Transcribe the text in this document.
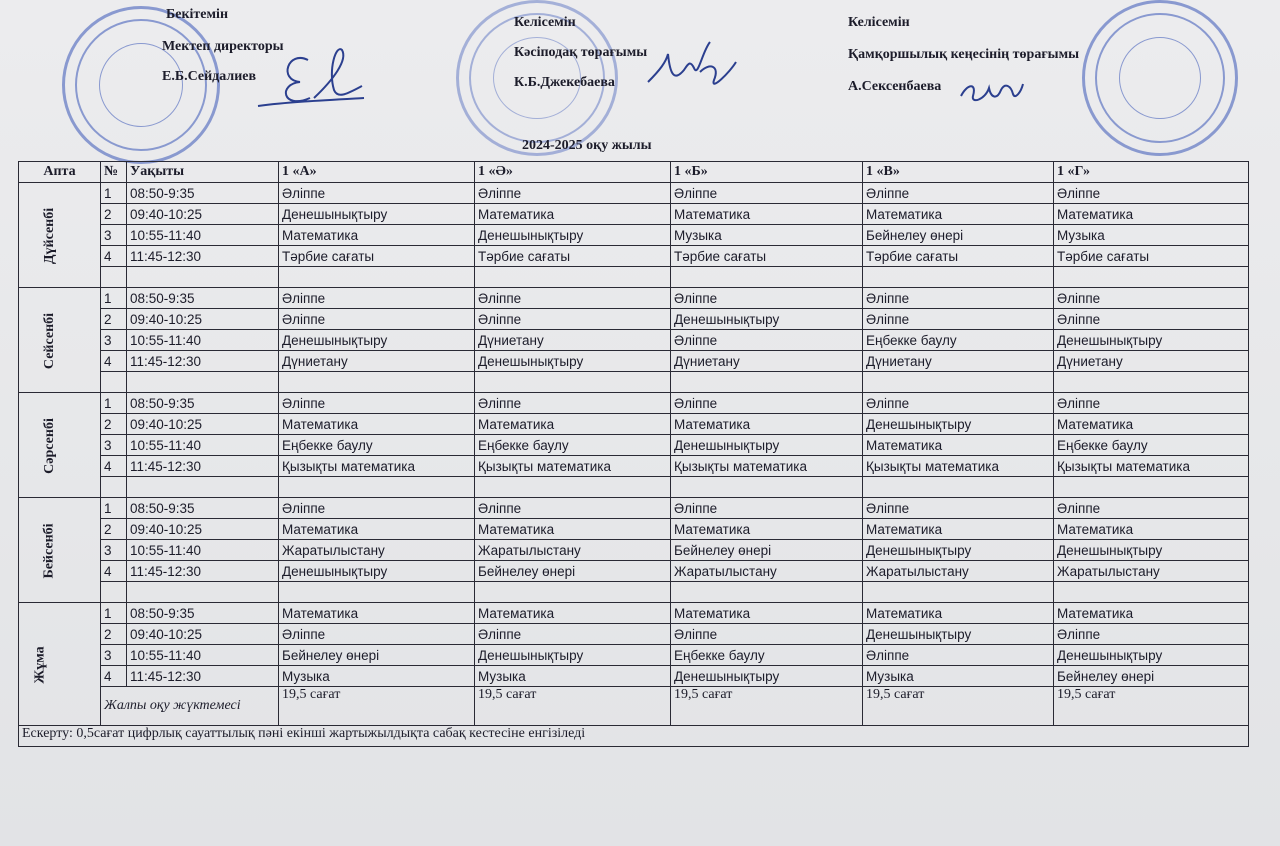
Бекітемін
Мектеп директоры
Е.Б.Сейдалиев
Келісемін
Кәсіподақ төрағымы
К.Б.Джекебаева
Келісемін
Қамқоршылық кеңесінің төрағымы
А.Сексенбаева
2024-2025 оқу жылы
Апта	№	Уақыты	1 «А»	1 «Ә»	1 «Б»	1 «В»	1 «Г»
Дүйсенбі	1	08:50-9:35	Әліппе	Әліппе	Әліппе	Әліппе	Әліппе
	2	09:40-10:25	Денешынықтыру	Математика	Математика	Математика	Математика
	3	10:55-11:40	Математика	Денешынықтыру	Музыка	Бейнелеу өнері	Музыка
	4	11:45-12:30	Тәрбие сағаты	Тәрбие сағаты	Тәрбие сағаты	Тәрбие сағаты	Тәрбие сағаты

Сейсенбі	1	08:50-9:35	Әліппе	Әліппе	Әліппе	Әліппе	Әліппе
	2	09:40-10:25	Әліппе	Әліппе	Денешынықтыру	Әліппе	Әліппе
	3	10:55-11:40	Денешынықтыру	Дүниетану	Әліппе	Еңбекке баулу	Денешынықтыру
	4	11:45-12:30	Дүниетану	Денешынықтыру	Дүниетану	Дүниетану	Дүниетану

Сәрсенбі	1	08:50-9:35	Әліппе	Әліппе	Әліппе	Әліппе	Әліппе
	2	09:40-10:25	Математика	Математика	Математика	Денешынықтыру	Математика
	3	10:55-11:40	Еңбекке баулу	Еңбекке баулу	Денешынықтыру	Математика	Еңбекке баулу
	4	11:45-12:30	Қызықты математика	Қызықты математика	Қызықты математика	Қызықты математика	Қызықты математика

Бейсенбі	1	08:50-9:35	Әліппе	Әліппе	Әліппе	Әліппе	Әліппе
	2	09:40-10:25	Математика	Математика	Математика	Математика	Математика
	3	10:55-11:40	Жаратылыстану	Жаратылыстану	Бейнелеу өнері	Денешынықтыру	Денешынықтыру
	4	11:45-12:30	Денешынықтыру	Бейнелеу өнері	Жаратылыстану	Жаратылыстану	Жаратылыстану

Жұма	1	08:50-9:35	Математика	Математика	Математика	Математика	Математика
	2	09:40-10:25	Әліппе	Әліппе	Әліппе	Денешынықтыру	Әліппе
	3	10:55-11:40	Бейнелеу өнері	Денешынықтыру	Еңбекке баулу	Әліппе	Денешынықтыру
	4	11:45-12:30	Музыка	Музыка	Денешынықтыру	Музыка	Бейнелеу өнері
	Жалпы оқу жүктемесі		19,5 сағат	19,5 сағат	19,5 сағат	19,5 сағат	19,5 сағат
Ескерту: 0,5сағат цифрлық сауаттылық пәні екінші жартыжылдықта сабақ кестесіне енгізіледі							
